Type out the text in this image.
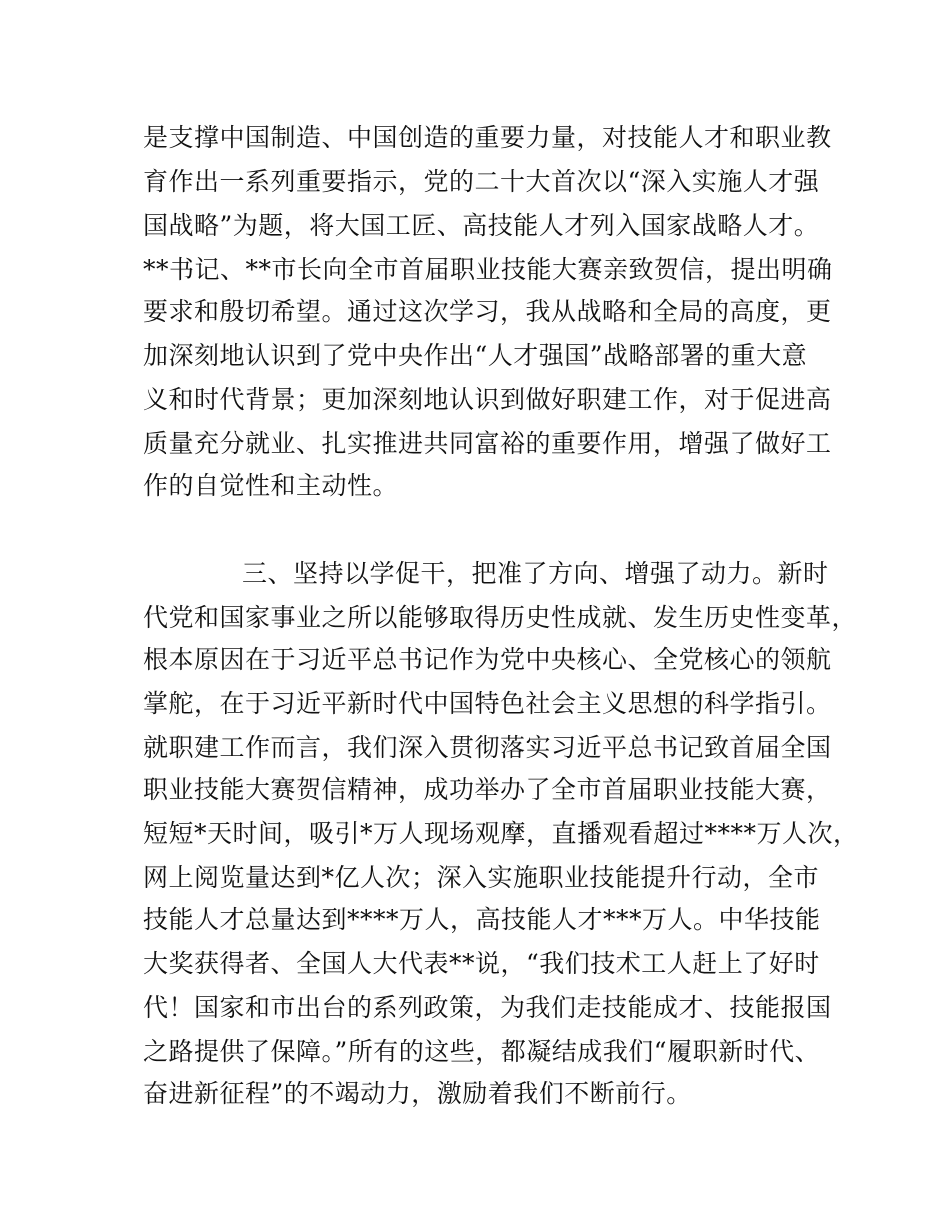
是支撑中国制造、中国创造的重要力量，对技能人才和职业教
育作出一系列重要指示，党的二十大首次以“深入实施人才强
国战略”为题，将大国工匠、高技能人才列入国家战略人才。
**书记、**市长向全市首届职业技能大赛亲致贺信，提出明确
要求和殷切希望。通过这次学习，我从战略和全局的高度，更
加深刻地认识到了党中央作出“人才强国”战略部署的重大意
义和时代背景；更加深刻地认识到做好职建工作，对于促进高
质量充分就业、扎实推进共同富裕的重要作用，增强了做好工
作的自觉性和主动性。
三、坚持以学促干，把准了方向、增强了动力。新时
代党和国家事业之所以能够取得历史性成就、发生历史性变革，
根本原因在于习近平总书记作为党中央核心、全党核心的领航
掌舵，在于习近平新时代中国特色社会主义思想的科学指引。
就职建工作而言，我们深入贯彻落实习近平总书记致首届全国
职业技能大赛贺信精神，成功举办了全市首届职业技能大赛，
短短*天时间，吸引*万人现场观摩，直播观看超过****万人次，
网上阅览量达到*亿人次；深入实施职业技能提升行动，全市
技能人才总量达到****万人，高技能人才***万人。中华技能
大奖获得者、全国人大代表**说，“我们技术工人赶上了好时
代！国家和市出台的系列政策，为我们走技能成才、技能报国
之路提供了保障。”所有的这些，都凝结成我们“履职新时代、
奋进新征程”的不竭动力，激励着我们不断前行。
